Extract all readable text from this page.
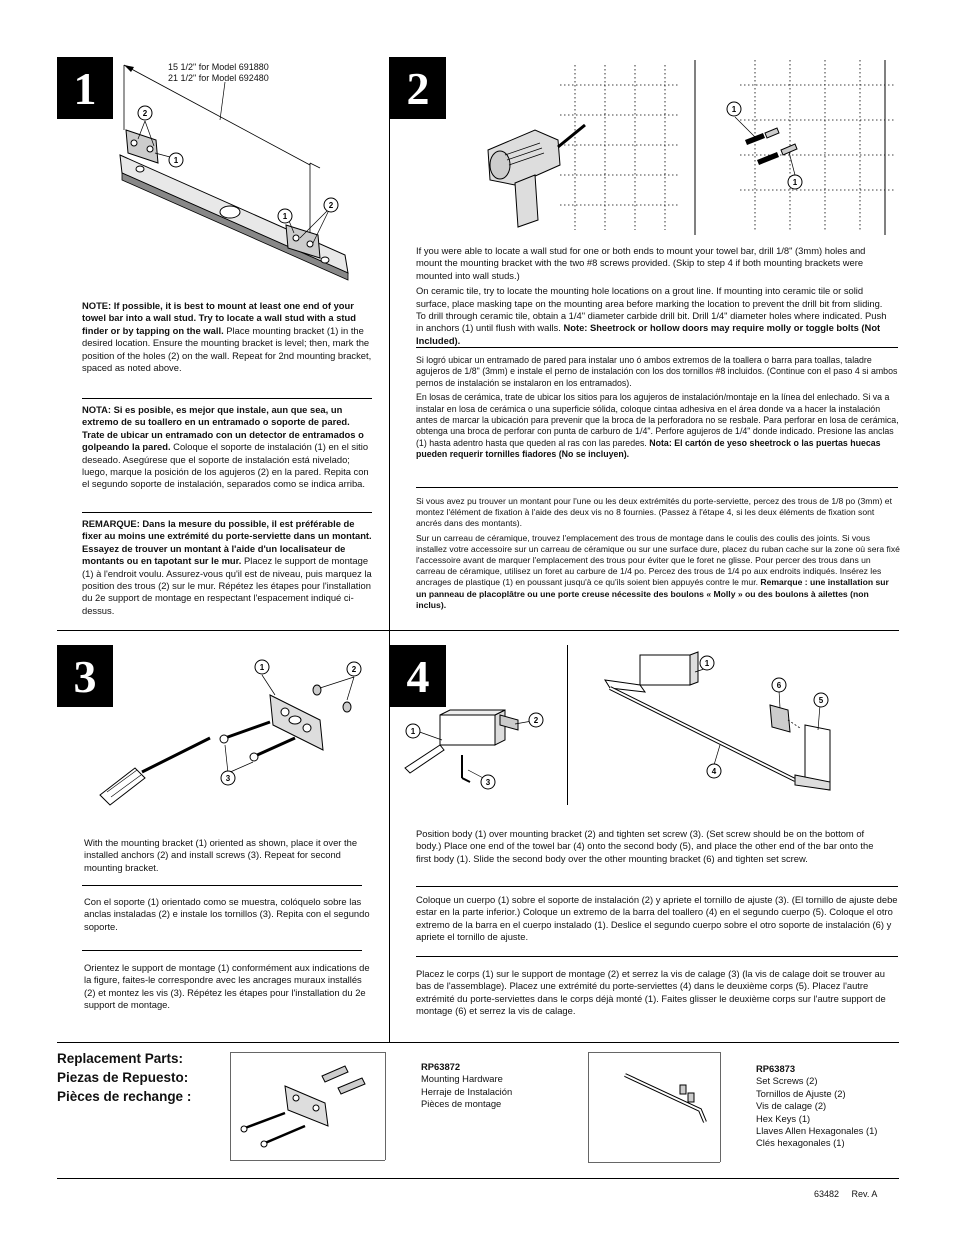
1	15 1/2" for Model 691880
21 1/2" for Model 692480
2
1
1
2
NOTE: If possible, it is best to mount at least one end of your towel bar into a wall stud. Try to locate a wall stud with a stud finder or by tapping on the wall. Place mounting bracket (1) in the desired location. Ensure the mounting bracket is level; then, mark the position of the holes (2) on the wall. Repeat for 2nd mounting bracket, spaced as noted above.
NOTA: Si es posible, es mejor que instale, aun que sea, un extremo de su toallero en un entramado o soporte de pared. Trate de ubicar un entramado con un detector de entramados o golpeando la pared. Coloque el soporte de instalación (1) en el sitio deseado. Asegúrese que el soporte de instalación está nivelado; luego, marque la posición de los agujeros (2) en la pared. Repita con el segundo soporte de instalación, separados como se indica arriba.
REMARQUE: Dans la mesure du possible, il est préférable de fixer au moins une extrémité du porte-serviette dans un montant. Essayez de trouver un montant à l'aide d'un localisateur de montants ou en tapotant sur le mur. Placez le support de montage (1) à l'endroit voulu. Assurez-vous qu'il est de niveau, puis marquez la position des trous (2) sur le mur. Répétez les étapes pour l'installation du 2e support de montage en respectant l'espacement indiqué ci-dessus.
2	1
1

If you were able to locate a wall stud for one or both ends to mount your towel bar, drill 1/8" (3mm) holes and mount the mounting bracket with the two #8 screws provided. (Skip to step 4 if both mounting brackets were mounted into wall studs.)

On ceramic tile, try to locate the mounting hole locations on a grout line. If mounting into ceramic tile or solid surface, place masking tape on the mounting area before marking the location to prevent the drill bit from sliding. To drill through ceramic tile, obtain a 1/4" diameter carbide drill bit. Drill 1/4" diameter holes where indicated. Push in anchors (1) until flush with walls. Note: Sheetrock or hollow doors may require molly or toggle bolts (Not Included).

Si logró ubicar un entramado de pared para instalar uno ó ambos extremos de la toallera o barra para toallas, taladre agujeros de 1/8" (3mm) e instale el perno de instalación con los dos tornillos #8 incluidos. (Continue con el paso 4 si ambos pernos de instalación se instalaron en los entramados).

En losas de cerámica, trate de ubicar los sitios para los agujeros de instalación/montaje en la línea del enlechado. Si va a instalar en losa de cerámica o una superficie sólida, coloque cintaa adhesiva en el área donde va a hacer la instalación antes de marcar la ubicación para prevenir que la broca de la perforadora no se resbale. Para perforar en losa de cerámica, obtenga una broca de perforar con punta de carburo de 1/4". Perfore agujeros de 1/4" donde indicado. Presione las anclas (1) hasta adentro hasta que queden al ras con las paredes. Nota: El cartón de yeso sheetrock o las puertas huecas pueden requerir tornilles fiadores (No se incluyen).

Si vous avez pu trouver un montant pour l'une ou les deux extrémités du porte-serviette, percez des trous de 1/8 po (3mm) et montez l'élément de fixation à l'aide des deux vis no 8 fournies. (Passez à l'étape 4, si les deux éléments de fixation sont ancrés dans des montants).

Sur un carreau de céramique, trouvez l'emplacement des trous de montage dans le coulis des coulis des joints. Si vous installez votre accessoire sur un carreau de céramique ou sur une surface dure, placez du ruban cache sur la zone où sera fixé l'accessoire avant de marquer l'emplacement des trous pour éviter que le foret ne glisse. Pour percer des trous dans un carreau de céramique, utilisez un foret au carbure de 1/4 po. Percez des trous de 1/4 po aux endroits indiqués. Insérez les ancrages de plastique (1) en poussant jusqu'à ce qu'ils soient bien appuyés contre le mur. Remarque : une installation sur un panneau de placoplâtre ou une porte creuse nécessite des boulons « Molly » ou des boulons à ailettes (non inclus).

3	1	2
3
With the mounting bracket (1) oriented as shown, place it over the installed anchors (2) and install screws (3). Repeat for second mounting bracket.
Con el soporte (1) orientado como se muestra, colóquelo sobre las anclas instaladas (2) e instale los tornillos (3). Repita con el segundo soporte.
Orientez le support de montage (1) conformément aux indications de la figure, faites-le correspondre avec les ancrages muraux installés (2) et montez les vis (3). Répétez les étapes pour l'installation du 2e support de montage.
4
2
1
3
1
6
5
4
Position body (1) over mounting bracket (2) and tighten set screw (3). (Set screw should be on the bottom of body.) Place one end of the towel bar (4) onto the second body (5), and place the other end of the bar onto the first body (1). Slide the second body over the other mounting bracket (6) and tighten set screw.
Coloque un cuerpo (1) sobre el soporte de instalación (2) y apriete el tornillo de ajuste (3). (El tornillo de ajuste debe estar en la parte inferior.) Coloque un extremo de la barra del toallero (4) en el segundo cuerpo (5). Coloque el otro extremo de la barra en el cuerpo instalado (1). Deslice el segundo cuerpo sobre el otro soporte de instalación (6) y apriete el tornillo de ajuste.
Placez le corps (1) sur le support de montage (2) et serrez la vis de calage (3) (la vis de calage doit se trouver au bas de l'assemblage). Placez une extrémité du porte-serviettes (4) dans le deuxième corps (5). Placez l'autre extrémité du porte-serviettes dans le corps déjà monté (1). Faites glisser le deuxième corps sur l'autre support de montage (6) et serrez la vis de calage.
Replacement Parts:
Piezas de Repuesto:
Pièces de rechange :
RP63872
Mounting Hardware
Herraje de Instalación
Pièces de montage
RP63873
Set Screws (2)
Tornillos de Ajuste (2)
Vis de calage (2)
Hex Keys (1)
Llaves Allen Hexagonales (1)
Clés hexagonales (1)
63482 Rev. A
